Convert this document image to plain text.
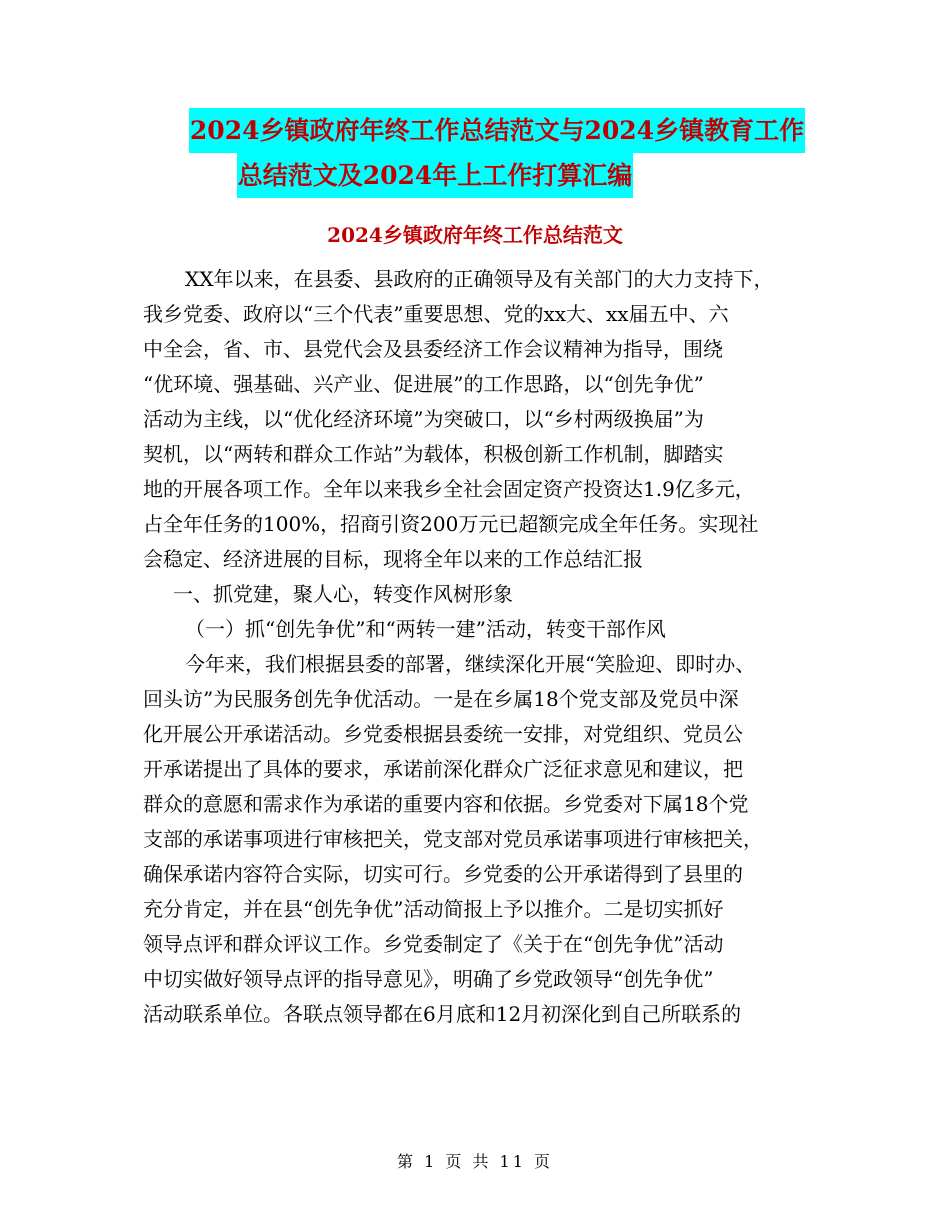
2024乡镇政府年终工作总结范文与2024乡镇教育工作
总结范文及2024年上工作打算汇编
2024乡镇政府年终工作总结范文
XX年以来，在县委、县政府的正确领导及有关部门的大力支持下，
我乡党委、政府以“三个代表”重要思想、党的xx大、xx届五中、六
中全会，省、市、县党代会及县委经济工作会议精神为指导，围绕
“优环境、强基础、兴产业、促进展”的工作思路，以“创先争优”
活动为主线，以“优化经济环境”为突破口，以“乡村两级换届”为
契机，以“两转和群众工作站”为载体，积极创新工作机制，脚踏实
地的开展各项工作。全年以来我乡全社会固定资产投资达1.9亿多元，
占全年任务的100%，招商引资200万元已超额完成全年任务。实现社
会稳定、经济进展的目标，现将全年以来的工作总结汇报
一、抓党建，聚人心，转变作风树形象
（一）抓“创先争优”和“两转一建”活动，转变干部作风
今年来，我们根据县委的部署，继续深化开展“笑脸迎、即时办、
回头访”为民服务创先争优活动。一是在乡属18个党支部及党员中深
化开展公开承诺活动。乡党委根据县委统一安排，对党组织、党员公
开承诺提出了具体的要求，承诺前深化群众广泛征求意见和建议，把
群众的意愿和需求作为承诺的重要内容和依据。乡党委对下属18个党
支部的承诺事项进行审核把关，党支部对党员承诺事项进行审核把关，
确保承诺内容符合实际，切实可行。乡党委的公开承诺得到了县里的
充分肯定，并在县“创先争优”活动简报上予以推介。二是切实抓好
领导点评和群众评议工作。乡党委制定了《关于在“创先争优”活动
中切实做好领导点评的指导意见》，明确了乡党政领导“创先争优”
活动联系单位。各联点领导都在6月底和12月初深化到自己所联系的
第 1 页 共 11 页
